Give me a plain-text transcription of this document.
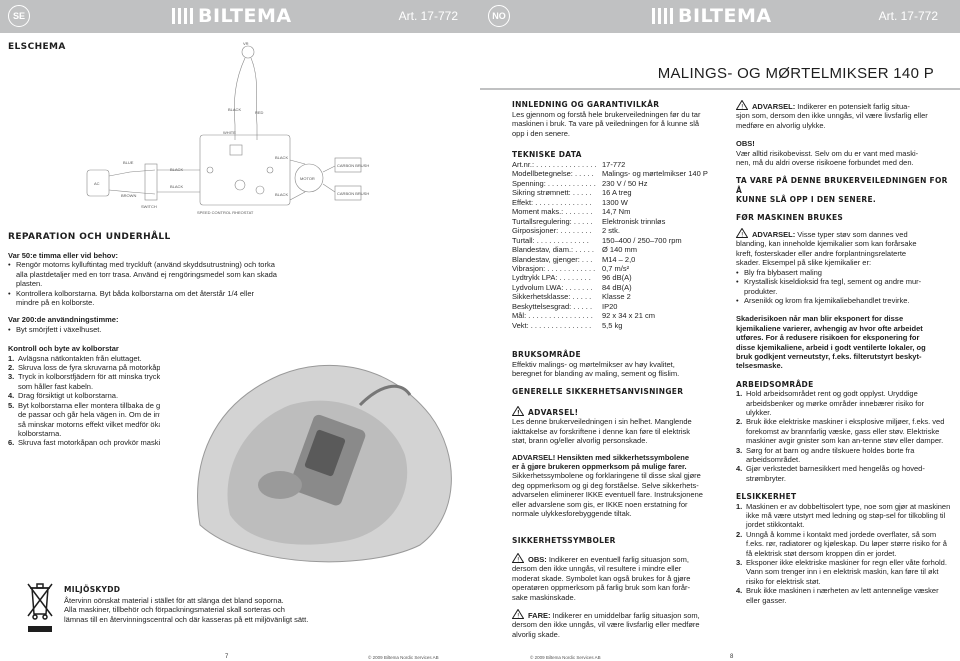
SE	BILTEMA	Art. 17-772
ELSCHEMA	VR
WHITE
BLACK
RED
BLUE
BROWN
BLACK
BLACK
BLACK
BLACK
AC
SWITCH
SPEED CONTROL RHEOSTAT
MOTOR
CARBON BRUSH
CARBON BRUSH
REPARATION OCH UNDERHÅLL
Var 50:e timma eller vid behov:
• Rengör motorns kylluftintag med tryckluft (använd skyddsutrustning) och torka alla plastdetaljer med en torr trasa. Använd ej rengöringsmedel som kan skada plasten.
• Kontrollera kolborstarna. Byt båda kolborstarna om det återstår 1/4 eller mindre på en kolborste.
Var 200:de användningstimme:
• Byt smörjfett i växelhuset.
Kontroll och byte av kolborstar
1. Avlägsna nätkontakten från eluttaget.
2. Skruva loss de fyra skruvarna på motorkåpan.
3. Tryck in kolborstfjädern för att minska trycket, lossa på skruven som håller fast kabeln.
4. Drag försiktigt ut kolborstarna.
5. Byt kolborstarna eller montera tillbaka de gamla. Kontrollera att de passar och går hela vägen in. Om de inte går hela vägen in så minskar motorns effekt vilket medför ökat slitage på kolborstarna.
6. Skruva fast motorkåpan och provkör maskinen.
MILJÖSKYDD
Återvinn oönskat material i stället för att slänga det bland soporna.
Alla maskiner, tillbehör och förpackningsmaterial skall sorteras och
lämnas till en återvinningscentral och där kasseras på ett miljövänligt sätt.
7	© 2009 Biltema Nordic Services AB
NO	BILTEMA	Art. 17-772
MALINGS- OG MØRTELMIKSER 140 P
INNLEDNING OG GARANTIVILKÅR
Les gjennom og forstå hele brukerveiledningen før du tar
maskinen i bruk. Ta vare på veiledningen for å kunne slå
opp i den senere.
TEKNISKE DATA
Art.nr.: . . . . . . . . . . . . . . . 17-772
Modellbetegnelse: . . . . .	Malings- og mørtelmikser 140 P
Spenning: . . . . . . . . . . . . 230 V / 50 Hz
Sikring strømnett: . . . . .	16 A treg
Effekt: . . . . . . . . . . . . . .	1300 W
Moment maks.: . . . . . . .	14,7 Nm
Turtallsregulering: . . . . .	Elektronisk trinnløs
Girposisjoner: . . . . . . . .	2 stk.
Turtall: . . . . . . . . . . . . .	150–400 / 250–700 rpm
Blandestav, diam.: . . . . .	Ø 140 mm
Blandestav, gjenger: . . .	M14 – 2,0
Vibrasjon: . . . . . . . . . . . . 0,7 m/s²
Lydtrykk LPA: . . . . . . . .	96 dB(A)
Lydvolum LWA: . . . . . . .	84 dB(A)
Sikkerhetsklasse: . . . . .	Klasse 2
Beskyttelsesgrad: . . . . .	IP20
Mål: . . . . . . . . . . . . . . . .	92 x 34 x 21 cm
Vekt: . . . . . . . . . . . . . . .	5,5 kg
BRUKSOMRÅDE
Effektiv malings- og mørtelmikser av høy kvalitet,
beregnet for blanding av maling, sement og flislim.
GENERELLE SIKKERHETSANVISNINGER
! ADVARSEL!
Les denne brukerveiledningen i sin helhet. Manglende
iakttakelse av forskriftene i denne kan føre til elektrisk
støt, brann og/eller alvorlig personskade.
ADVARSEL! Hensikten med sikkerhetssymbolene
er å gjøre brukeren oppmerksom på mulige farer.
Sikkerhetssymbolene og forklaringene til disse skal gjøre
deg oppmerksom og gi deg forståelse. Selve sikkerhets-
advarselen eliminerer IKKE eventuell fare. Instruksjonene
eller advarslene som gis, er IKKE noen erstatning for
normale ulykkesforebyggende tiltak.
SIKKERHETSSYMBOLER
! OBS: Indikerer en eventuell farlig situasjon som,
dersom den ikke unngås, vil resultere i mindre eller
moderat skade. Symbolet kan også brukes for å gjøre
operatøren oppmerksom på farlig bruk som kan forår-
sake maskinskade.
! FARE: Indikerer en umiddelbar farlig situasjon som,
dersom den ikke unngås, vil være livsfarlig eller medføre
alvorlig skade.
! ADVARSEL: Indikerer en potensielt farlig situa-
sjon som, dersom den ikke unngås, vil være livsfarlig eller
medføre en alvorlig ulykke.
OBS!
Vær alltid risikobevisst. Selv om du er vant med maski-
nen, må du aldri overse risikoene forbundet med den.
TA VARE PÅ DENNE BRUKERVEILEDNINGEN FOR Å
KUNNE SLÅ OPP I DEN SENERE.
FØR MASKINEN BRUKES
! ADVARSEL: Visse typer støv som dannes ved
blanding, kan inneholde kjemikalier som kan forårsake
kreft, fosterskader eller andre forplantningsrelaterte
skader. Eksempel på slike kjemikalier er:
• Bly fra blybasert maling
• Krystallisk kiseldioksid fra tegl, sement og andre mur-
produkter.
• Arsenikk og krom fra kjemikaliebehandlet trevirke.
Skaderisikoen når man blir eksponert for disse
kjemikaliene varierer, avhengig av hvor ofte arbeidet
utføres. For å redusere risikoen for eksponering for
disse kjemikaliene, arbeid i godt ventilerte lokaler, og
bruk godkjent verneutstyr, f.eks. filterutstyrt beskyt-
telsesmaske.
ARBEIDSOMRÅDE
1. Hold arbeidsområdet rent og godt opplyst. Uryddige arbeidsbenker og mørke områder innebærer risiko for ulykker.
2. Bruk ikke elektriske maskiner i eksplosive miljøer, f.eks. ved forekomst av brannfarlig væske, gass eller støv. Elektriske maskiner avgir gnister som kan an-tenne støv eller damper.
3. Sørg for at barn og andre tilskuere holdes borte fra arbeidsområdet.
4. Gjør verkstedet barnesikkert med hengelås og hoved-strømbryter.
ELSIKKERHET
1. Maskinen er av dobbeltisolert type, noe som gjør at maskinen ikke må være utstyrt med ledning og støp-sel for tilkobling til jordet stikkontakt.
2. Unngå å komme i kontakt med jordede overflater, så som f.eks. rør, radiatorer og kjøleskap. Du løper større risiko for å få elektrisk støt dersom kroppen din er jordet.
3. Eksponer ikke elektriske maskiner for regn eller våte forhold. Vann som trenger inn i en elektrisk maskin, kan føre til økt risiko for elektrisk støt.
4. Bruk ikke maskinen i nærheten av lett antennelige væsker eller gasser.
© 2009 Biltema Nordic Services AB	8
